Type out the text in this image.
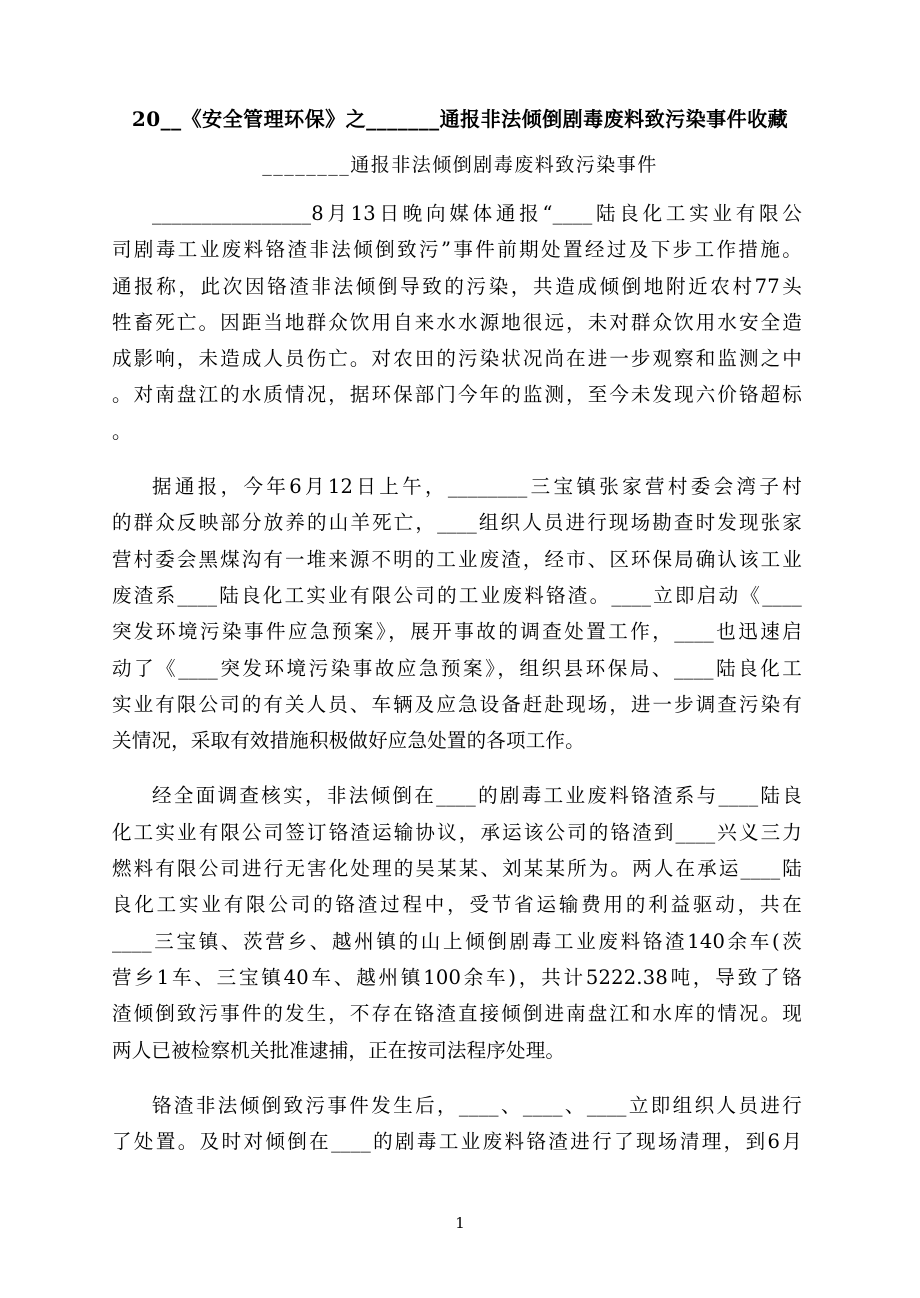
20__《安全管理环保》之_______通报非法倾倒剧毒废料致污染事件收藏
________通报非法倾倒剧毒废料致污染事件
________________8月13日晚向媒体通报“____陆良化工实业有限公
司剧毒工业废料铬渣非法倾倒致污”事件前期处置经过及下步工作措施。
通报称，此次因铬渣非法倾倒导致的污染，共造成倾倒地附近农村77头
牲畜死亡。因距当地群众饮用自来水水源地很远，未对群众饮用水安全造
成影响，未造成人员伤亡。对农田的污染状况尚在进一步观察和监测之中
。对南盘江的水质情况，据环保部门今年的监测，至今未发现六价铬超标
。
据通报，今年6月12日上午，________三宝镇张家营村委会湾子村
的群众反映部分放养的山羊死亡，____组织人员进行现场勘查时发现张家
营村委会黑煤沟有一堆来源不明的工业废渣，经市、区环保局确认该工业
废渣系____陆良化工实业有限公司的工业废料铬渣。____立即启动《____
突发环境污染事件应急预案》，展开事故的调查处置工作，____也迅速启
动了《____突发环境污染事故应急预案》，组织县环保局、____陆良化工
实业有限公司的有关人员、车辆及应急设备赶赴现场，进一步调查污染有
关情况，采取有效措施积极做好应急处置的各项工作。
经全面调查核实，非法倾倒在____的剧毒工业废料铬渣系与____陆良
化工实业有限公司签订铬渣运输协议，承运该公司的铬渣到____兴义三力
燃料有限公司进行无害化处理的吴某某、刘某某所为。两人在承运____陆
良化工实业有限公司的铬渣过程中，受节省运输费用的利益驱动，共在
____三宝镇、茨营乡、越州镇的山上倾倒剧毒工业废料铬渣140余车(茨
营乡1车、三宝镇40车、越州镇100余车)，共计5222.38吨，导致了铬
渣倾倒致污事件的发生，不存在铬渣直接倾倒进南盘江和水库的情况。现
两人已被检察机关批准逮捕，正在按司法程序处理。
铬渣非法倾倒致污事件发生后，____、____、____立即组织人员进行
了处置。及时对倾倒在____的剧毒工业废料铬渣进行了现场清理，到6月
1
